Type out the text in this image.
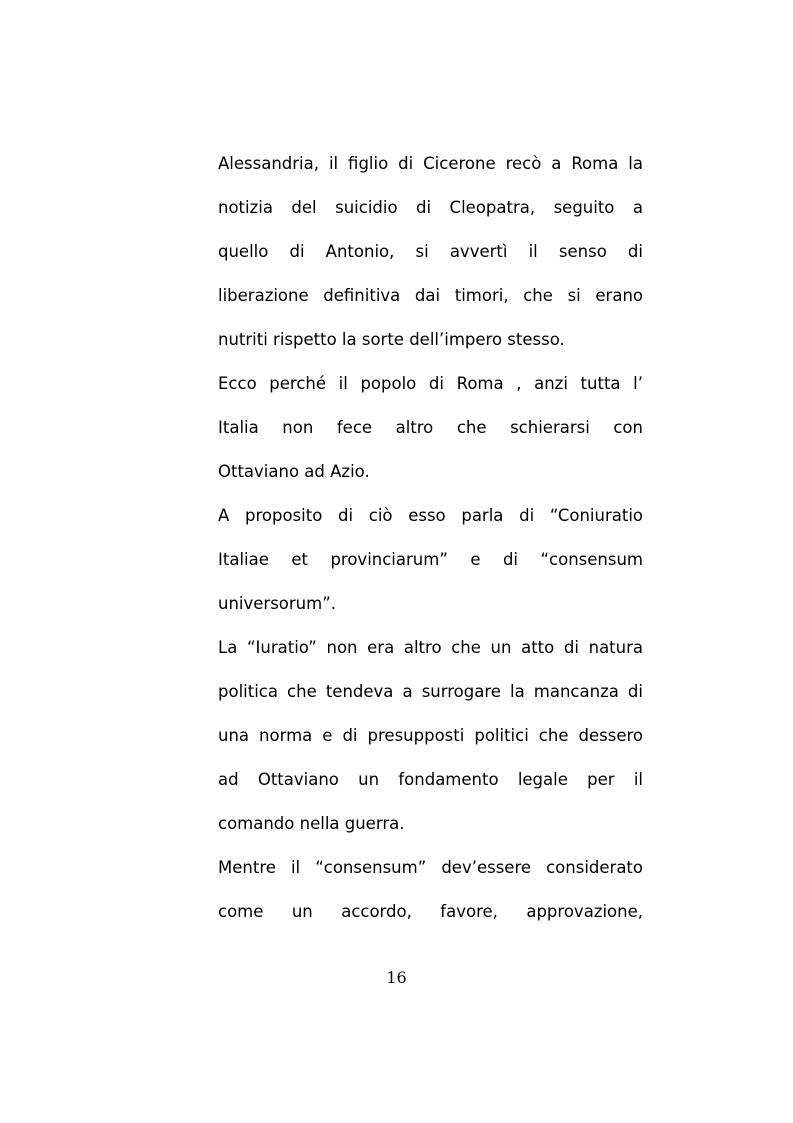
Alessandria, il figlio di Cicerone recò a Roma la
notizia del suicidio di Cleopatra, seguito a
quello di Antonio, si avvertì il senso di
liberazione definitiva dai timori, che si erano
nutriti rispetto la sorte dell’impero stesso.
Ecco perché il popolo di Roma , anzi tutta l’
Italia non fece altro che schierarsi con
Ottaviano ad Azio.
A proposito di ciò esso parla di “Coniuratio
Italiae et provinciarum” e di “consensum
universorum”.
La “Iuratio” non era altro che un atto di natura
politica che tendeva a surrogare la mancanza di
una norma e di presupposti politici che dessero
ad Ottaviano un fondamento legale per il
comando nella guerra.
Mentre il “consensum” dev’essere considerato
come un accordo, favore, approvazione,
16
